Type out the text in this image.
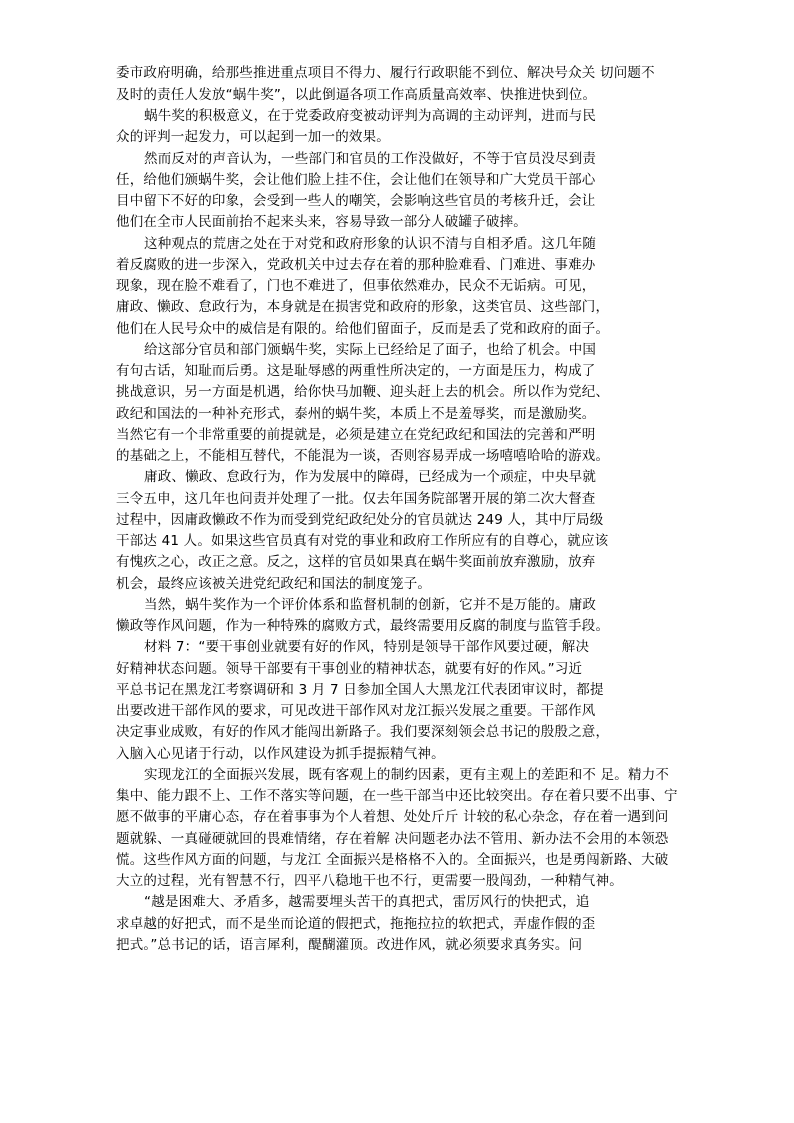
委市政府明确，给那些推进重点项目不得力、履行行政职能不到位、解决号众关 切问题不
及时的责任人发放“蜗牛奖”，以此倒逼各项工作高质量高效率、快推进快到位。
蜗牛奖的积极意义，在于党委政府变被动评判为高调的主动评判，进而与民
众的评判一起发力，可以起到一加一的效果。
然而反对的声音认为，一些部门和官员的工作没做好，不等于官员没尽到责
任，给他们颁蜗牛奖，会让他们脸上挂不住，会让他们在领导和广大党员干部心
目中留下不好的印象，会受到一些人的嘲笑，会影响这些官员的考核升迁，会让
他们在全市人民面前抬不起来头来，容易导致一部分人破罐子破摔。
这种观点的荒唐之处在于对党和政府形象的认识不清与自相矛盾。这几年随
着反腐败的进一步深入，党政机关中过去存在着的那种脸难看、门难进、事难办
现象，现在脸不难看了，门也不难进了，但事依然难办，民众不无诟病。可见，
庸政、懒政、怠政行为，本身就是在损害党和政府的形象，这类官员、这些部门，
他们在人民号众中的威信是有限的。给他们留面子，反而是丢了党和政府的面子。
给这部分官员和部门颁蜗牛奖，实际上已经给足了面子，也给了机会。中国
有句古话，知耻而后勇。这是耻辱感的两重性所决定的，一方面是压力，构成了
挑战意识，另一方面是机遇，给你快马加鞭、迎头赶上去的机会。所以作为党纪、
政纪和国法的一种补充形式，泰州的蜗牛奖，本质上不是羞辱奖，而是激励奖。
当然它有一个非常重要的前提就是，必须是建立在党纪政纪和国法的完善和严明
的基础之上，不能相互替代，不能混为一谈，否则容易弄成一场嘻嘻哈哈的游戏。
庸政、懒政、怠政行为，作为发展中的障碍，已经成为一个顽症，中央早就
三令五申，这几年也问责并处理了一批。仅去年国务院部署开展的第二次大督查
过程中，因庸政懒政不作为而受到党纪政纪处分的官员就达 249 人，其中厅局级
干部达 41 人。如果这些官员真有对党的事业和政府工作所应有的自尊心，就应该
有愧疚之心，改正之意。反之，这样的官员如果真在蜗牛奖面前放弃激励，放弃
机会，最终应该被关进党纪政纪和国法的制度笼子。
当然，蜗牛奖作为一个评价体系和监督机制的创新，它并不是万能的。庸政
懒政等作风问题，作为一种特殊的腐败方式，最终需要用反腐的制度与监管手段。
材料 7：“要干事创业就要有好的作风，特别是领导干部作风要过硬，解决
好精神状态问题。领导干部要有干事创业的精神状态，就要有好的作风。”习近
平总书记在黑龙江考察调研和 3 月 7 日参加全国人大黑龙江代表团审议时，都提
出要改进干部作风的要求，可见改进干部作风对龙江振兴发展之重要。干部作风
决定事业成败，有好的作风才能闯出新路子。我们要深刻领会总书记的殷殷之意，
入脑入心见诸于行动，以作风建设为抓手提振精气神。
实现龙江的全面振兴发展，既有客观上的制约因素，更有主观上的差距和不 足。精力不
集中、能力跟不上、工作不落实等问题，在一些干部当中还比较突出。存在着只要不出事、宁
愿不做事的平庸心态，存在着事事为个人着想、处处斤斤 计较的私心杂念，存在着一遇到问
题就躲、一真碰硬就回的畏难情绪，存在着解 决问题老办法不管用、新办法不会用的本领恐
慌。这些作风方面的问题，与龙江 全面振兴是格格不入的。全面振兴，也是勇闯新路、大破
大立的过程，光有智慧不行，四平八稳地干也不行，更需要一股闯劲，一种精气神。
“越是困难大、矛盾多，越需要埋头苦干的真把式，雷厉风行的快把式，追
求卓越的好把式，而不是坐而论道的假把式，拖拖拉拉的软把式，弄虚作假的歪
把式。”总书记的话，语言犀利，醍醐灌顶。改进作风，就必须要求真务实。问
